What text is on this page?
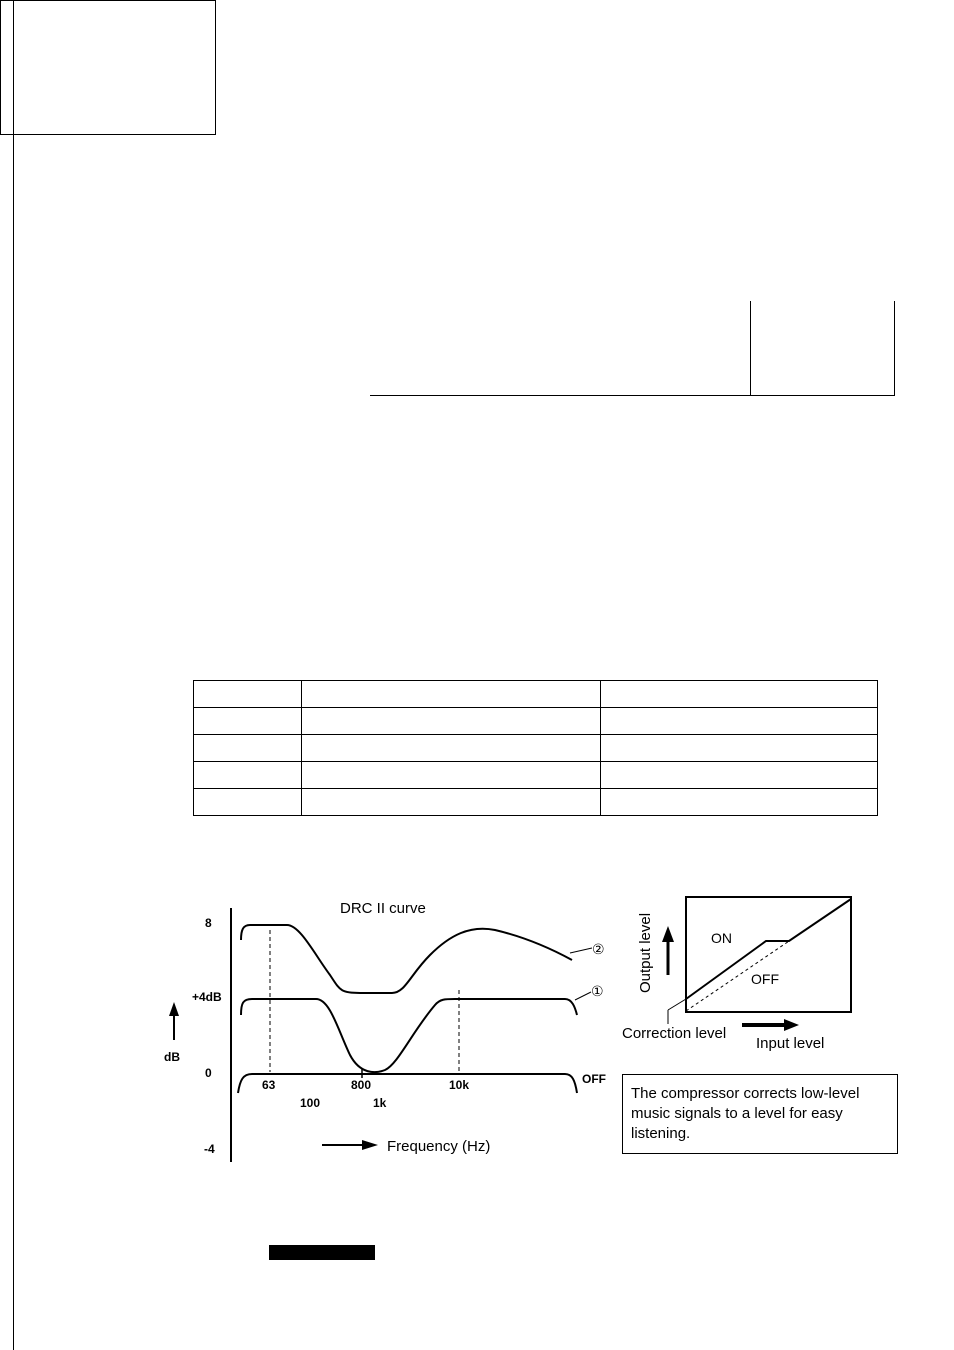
8
+4dB
0
-4
dB
DRC II curve
②
①
63	800	10k	OFF
100	1k
Frequency (Hz)
ON
OFF
Output level
Correction level
Input level
The compressor corrects low-level music signals to a level for easy listening.
